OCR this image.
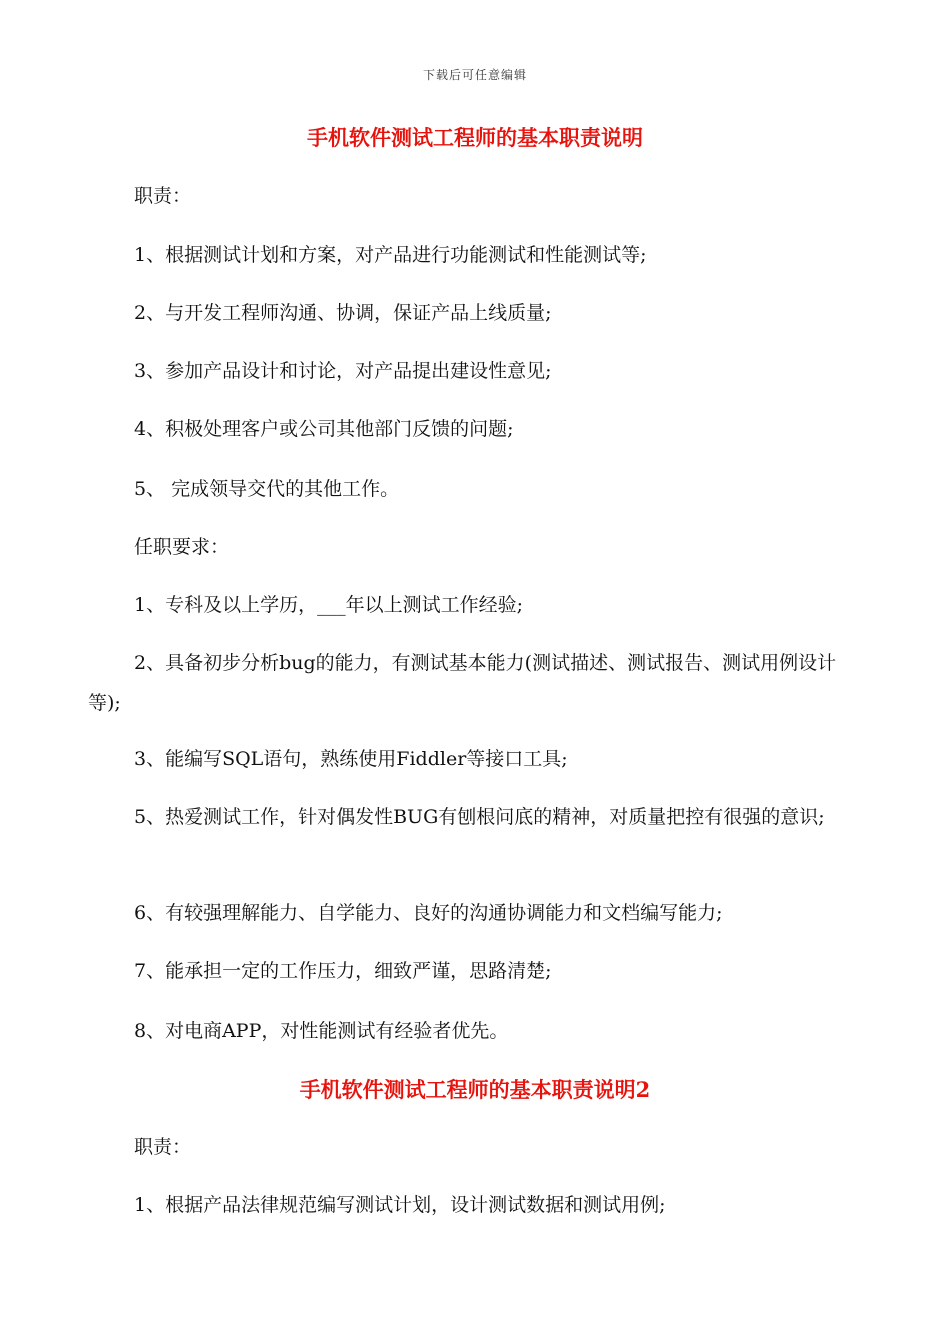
下载后可任意编辑
手机软件测试工程师的基本职责说明
职责：
1、根据测试计划和方案，对产品进行功能测试和性能测试等;
2、与开发工程师沟通、协调，保证产品上线质量;
3、参加产品设计和讨论，对产品提出建设性意见;
4、积极处理客户或公司其他部门反馈的问题;
5、 完成领导交代的其他工作。
任职要求：
1、专科及以上学历，___年以上测试工作经验;
2、具备初步分析bug的能力，有测试基本能力(测试描述、测试报告、测试用例设计等);
3、能编写SQL语句，熟练使用Fiddler等接口工具;
5、热爱测试工作，针对偶发性BUG有刨根问底的精神，对质量把控有很强的意识;
6、有较强理解能力、自学能力、良好的沟通协调能力和文档编写能力;
7、能承担一定的工作压力，细致严谨，思路清楚;
8、对电商APP，对性能测试有经验者优先。
手机软件测试工程师的基本职责说明2
职责：
1、根据产品法律规范编写测试计划，设计测试数据和测试用例;
